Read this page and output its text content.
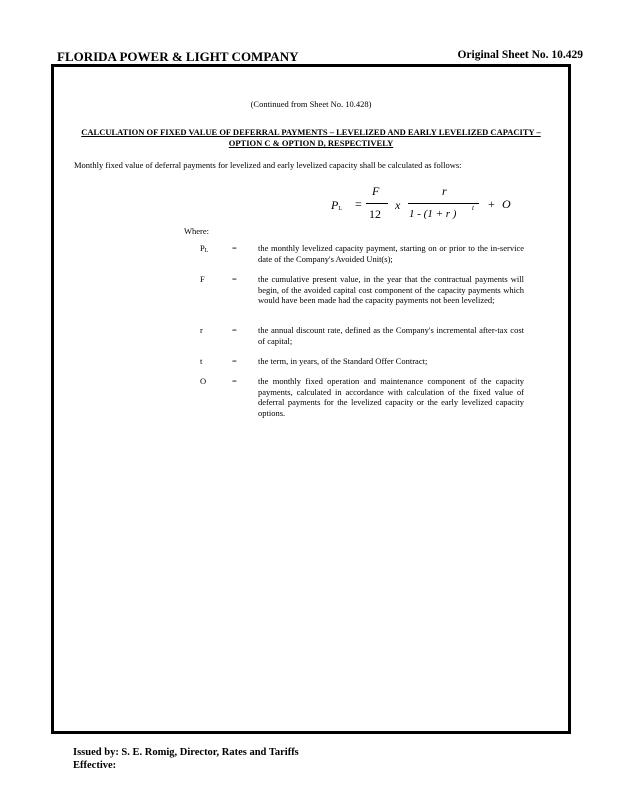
FLORIDA POWER & LIGHT COMPANY	Original Sheet No. 10.429
(Continued from Sheet No. 10.428)
CALCULATION OF FIXED VALUE OF DEFERRAL PAYMENTS – LEVELIZED AND EARLY LEVELIZED CAPACITY –
OPTION C & OPTION D, RESPECTIVELY
Monthly fixed value of deferral payments for levelized and early levelized capacity shall be calculated as follows:
PL =
F
12
x
r
1 - (1 + r ) t + O
Where:
PL	= the monthly levelized capacity payment, starting on or prior to the in-service date of the Company's Avoided Unit(s);
F	= the cumulative present value, in the year that the contractual payments will begin, of the avoided capital cost component of the capacity payments which would have been made had the capacity payments not been levelized;
r	= the annual discount rate, defined as the Company's incremental after-tax cost of capital;
t	= the term, in years, of the Standard Offer Contract;
O	= the monthly fixed operation and maintenance component of the capacity payments, calculated in accordance with calculation of the fixed value of deferral payments for the levelized capacity or the early levelized capacity options.
Issued by: S. E. Romig, Director, Rates and Tariffs
Effective:
